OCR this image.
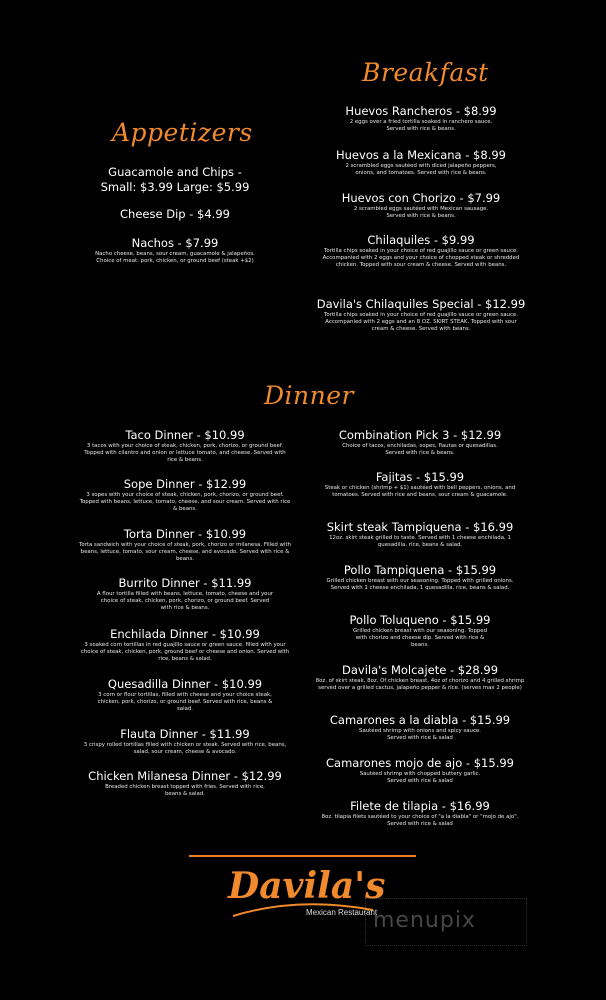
Breakfast
Appetizers
Dinner
Huevos Rancheros - $8.99
2 eggs over a fried tortilla soaked in ranchero sauce. Served with rice & beans.
Huevos a la Mexicana - $8.99
2 scrambled eggs sautéed with diced jalapeño peppers, onions, and tomatoes. Served with rice & beans.
Huevos con Chorizo - $7.99
2 scrambled eggs sautéed with Mexican sausage. Served with rice & beans.
Chilaquiles - $9.99
Tortilla chips soaked in your choice of red guajillo sauce or green sauce. Accompanied with 2 eggs and your choice of chopped steak or shredded chicken. Topped with sour cream & cheese. Served with beans.
Davila's Chilaquiles Special - $12.99
Tortilla chips soaked in your choice of red guajillo sauce or green sauce. Accompanied with 2 eggs and an 8 OZ. SKIRT STEAK. Topped with sour cream & cheese. Served with beans.
Guacamole and Chips -
Small: $3.99 Large: $5.99
Cheese Dip - $4.99
Nachos - $7.99
Nacho cheese, beans, sour cream, guacamole & jalapeños. Choice of meat: pork, chicken, or ground beef (steak +$2)
Taco Dinner - $10.99
3 tacos with your choice of steak, chicken, pork, chorizo, or ground beef. Topped with cilantro and onion or lettuce tomato, and cheese. Served with rice & beans.
Sope Dinner - $12.99
3 sopes with your choice of steak, chicken, pork, chorizo, or ground beef. Topped with beans, lettuce, tomato, cheese, and sour cream. Served with rice & beans.
Torta Dinner - $10.99
Torta sandwich with your choice of steak, pork, chorizo or milanesa. Filled with beans, lettuce, tomato, sour cream, cheese, and avocado. Served with rice & beans.
Burrito Dinner - $11.99
A flour tortilla filled with beans, lettuce, tomato, cheese and your choice of steak, chicken, pork, chorizo, or ground beef. Served with rice & beans.
Enchilada Dinner - $10.99
3 soaked corn tortillas in red guajillo sauce or green sauce. filled with your choice of steak, chicken, pork, ground beef or cheese and onion. Served with rice, beans & salad.
Quesadilla Dinner - $10.99
3 corn or flour tortillas, filled with cheese and your choice steak, chicken, pork, chorizo, or ground beef. Served with rice, beans & salad.
Flauta Dinner - $11.99
3 crispy rolled tortillas filled with chicken or steak. Served with rice, beans, salad, sour cream, cheese & avocado.
Chicken Milanesa Dinner - $12.99
Breaded chicken breast topped with fries. Served with rice, beans & salad.
Combination Pick 3 - $12.99
Choice of tacos, enchiladas, sopes, flautas or quesadillas. Served with rice & beans.
Fajitas - $15.99
Steak or chicken (shrimp + $1) sautéed with bell peppers, onions, and tomatoes. Served with rice and beans, sour cream & guacamole.
Skirt steak Tampiquena - $16.99
12oz. skirt steak grilled to taste. Served with 1 cheese enchilada, 1 quesadilla, rice, beans & salad.
Pollo Tampiquena - $15.99
Grilled chicken breast with our seasoning. Topped with grilled onions. Served with 1 cheese enchilada, 1 quesadilla, rice, beans & salad.
Pollo Toluqueno - $15.99
Grilled chicken breast with our seasoning. Topped with chorizo and cheese dip. Served with rice & beans.
Davila's Molcajete - $28.99
8oz. of skirt steak, 8oz. Of chicken breast, 4oz of chorizo and 4 grilled shrimp served over a grilled cactus, jalapeño pepper & rice. (serves max 2 people)
Camarones a la diabla - $15.99
Sautéed shrimp with onions and spicy sauce. Served with rice & salad
Camarones mojo de ajo - $15.99
Sautéed shrimp with chopped buttery garlic. Served with rice & salad
Filete de tilapia - $16.99
8oz. tilapia filets sautéed to your choice of "a la diabla" or "mojo de ajo". Served with rice & salad
Davila's
Mexican Restaurant
menupix
